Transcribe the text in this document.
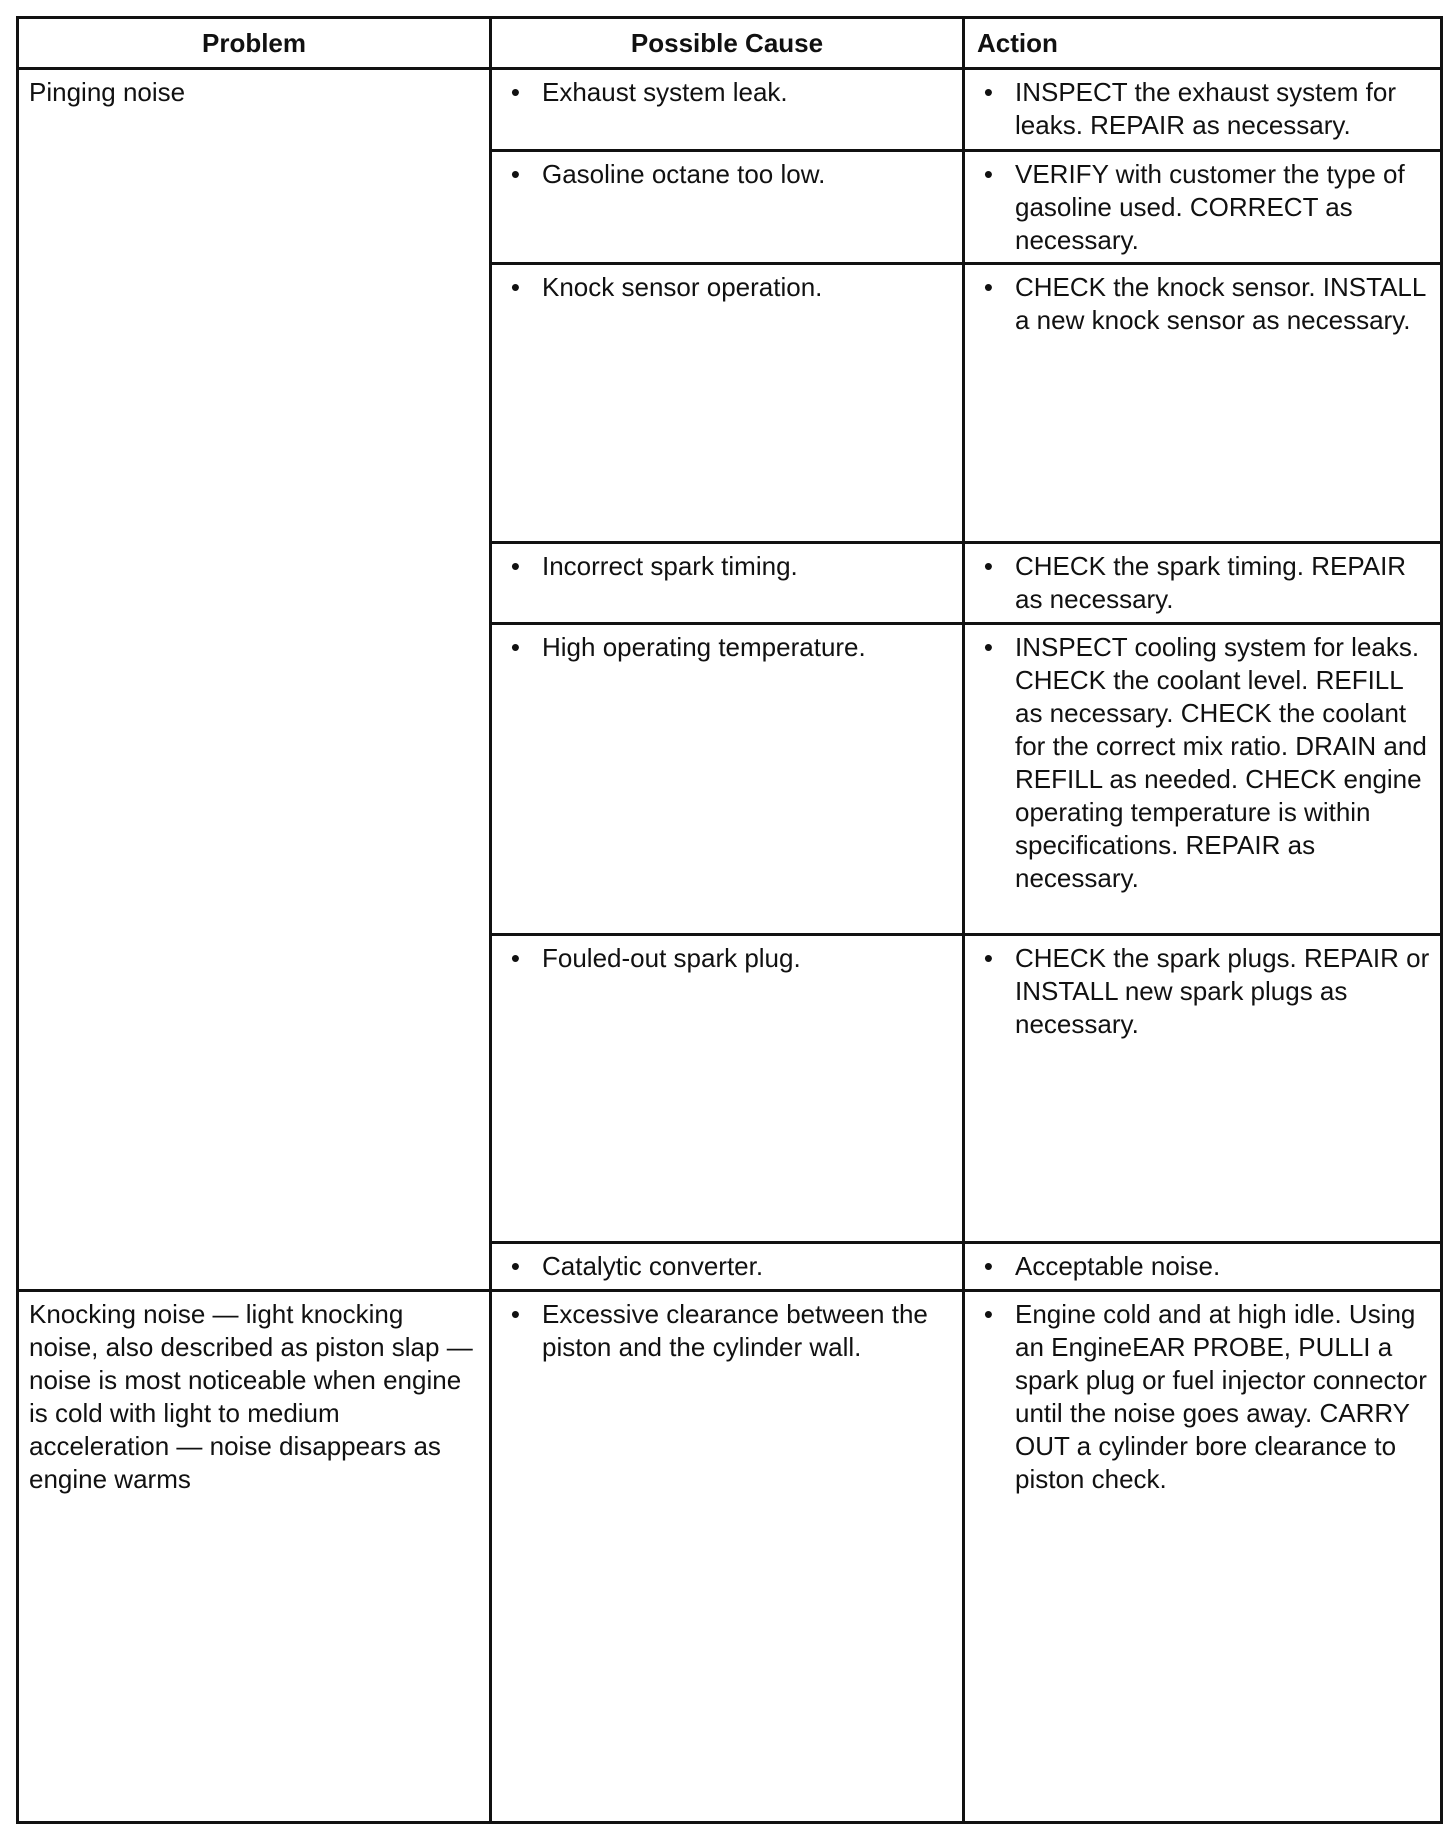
Problem	Possible Cause	Action

Pinging noise	• Exhaust system leak.	• INSPECT the exhaust system for leaks. REPAIR as necessary.

	• Gasoline octane too low.	• VERIFY with customer the type of gasoline used. CORRECT as necessary.

	• Knock sensor operation.	• CHECK the knock sensor. INSTALL a new knock sensor as necessary.

	• Incorrect spark timing.	• CHECK the spark timing. REPAIR as necessary.

	• High operating temperature.	• INSPECT cooling system for leaks. CHECK the coolant level. REFILL as necessary. CHECK the coolant for the correct mix ratio. DRAIN and REFILL as needed. CHECK engine operating temperature is within specifications. REPAIR as necessary.

	• Fouled-out spark plug.	• CHECK the spark plugs. REPAIR or INSTALL new spark plugs as necessary.

	• Catalytic converter.	• Acceptable noise.

Knocking noise — light knocking noise, also described as piston slap — noise is most noticeable when engine is cold with light to medium acceleration — noise disappears as engine warms	• Excessive clearance between the piston and the cylinder wall.	• Engine cold and at high idle. Using an EngineEAR PROBE, PULLI a spark plug or fuel injector connector until the noise goes away. CARRY OUT a cylinder bore clearance to piston check.
